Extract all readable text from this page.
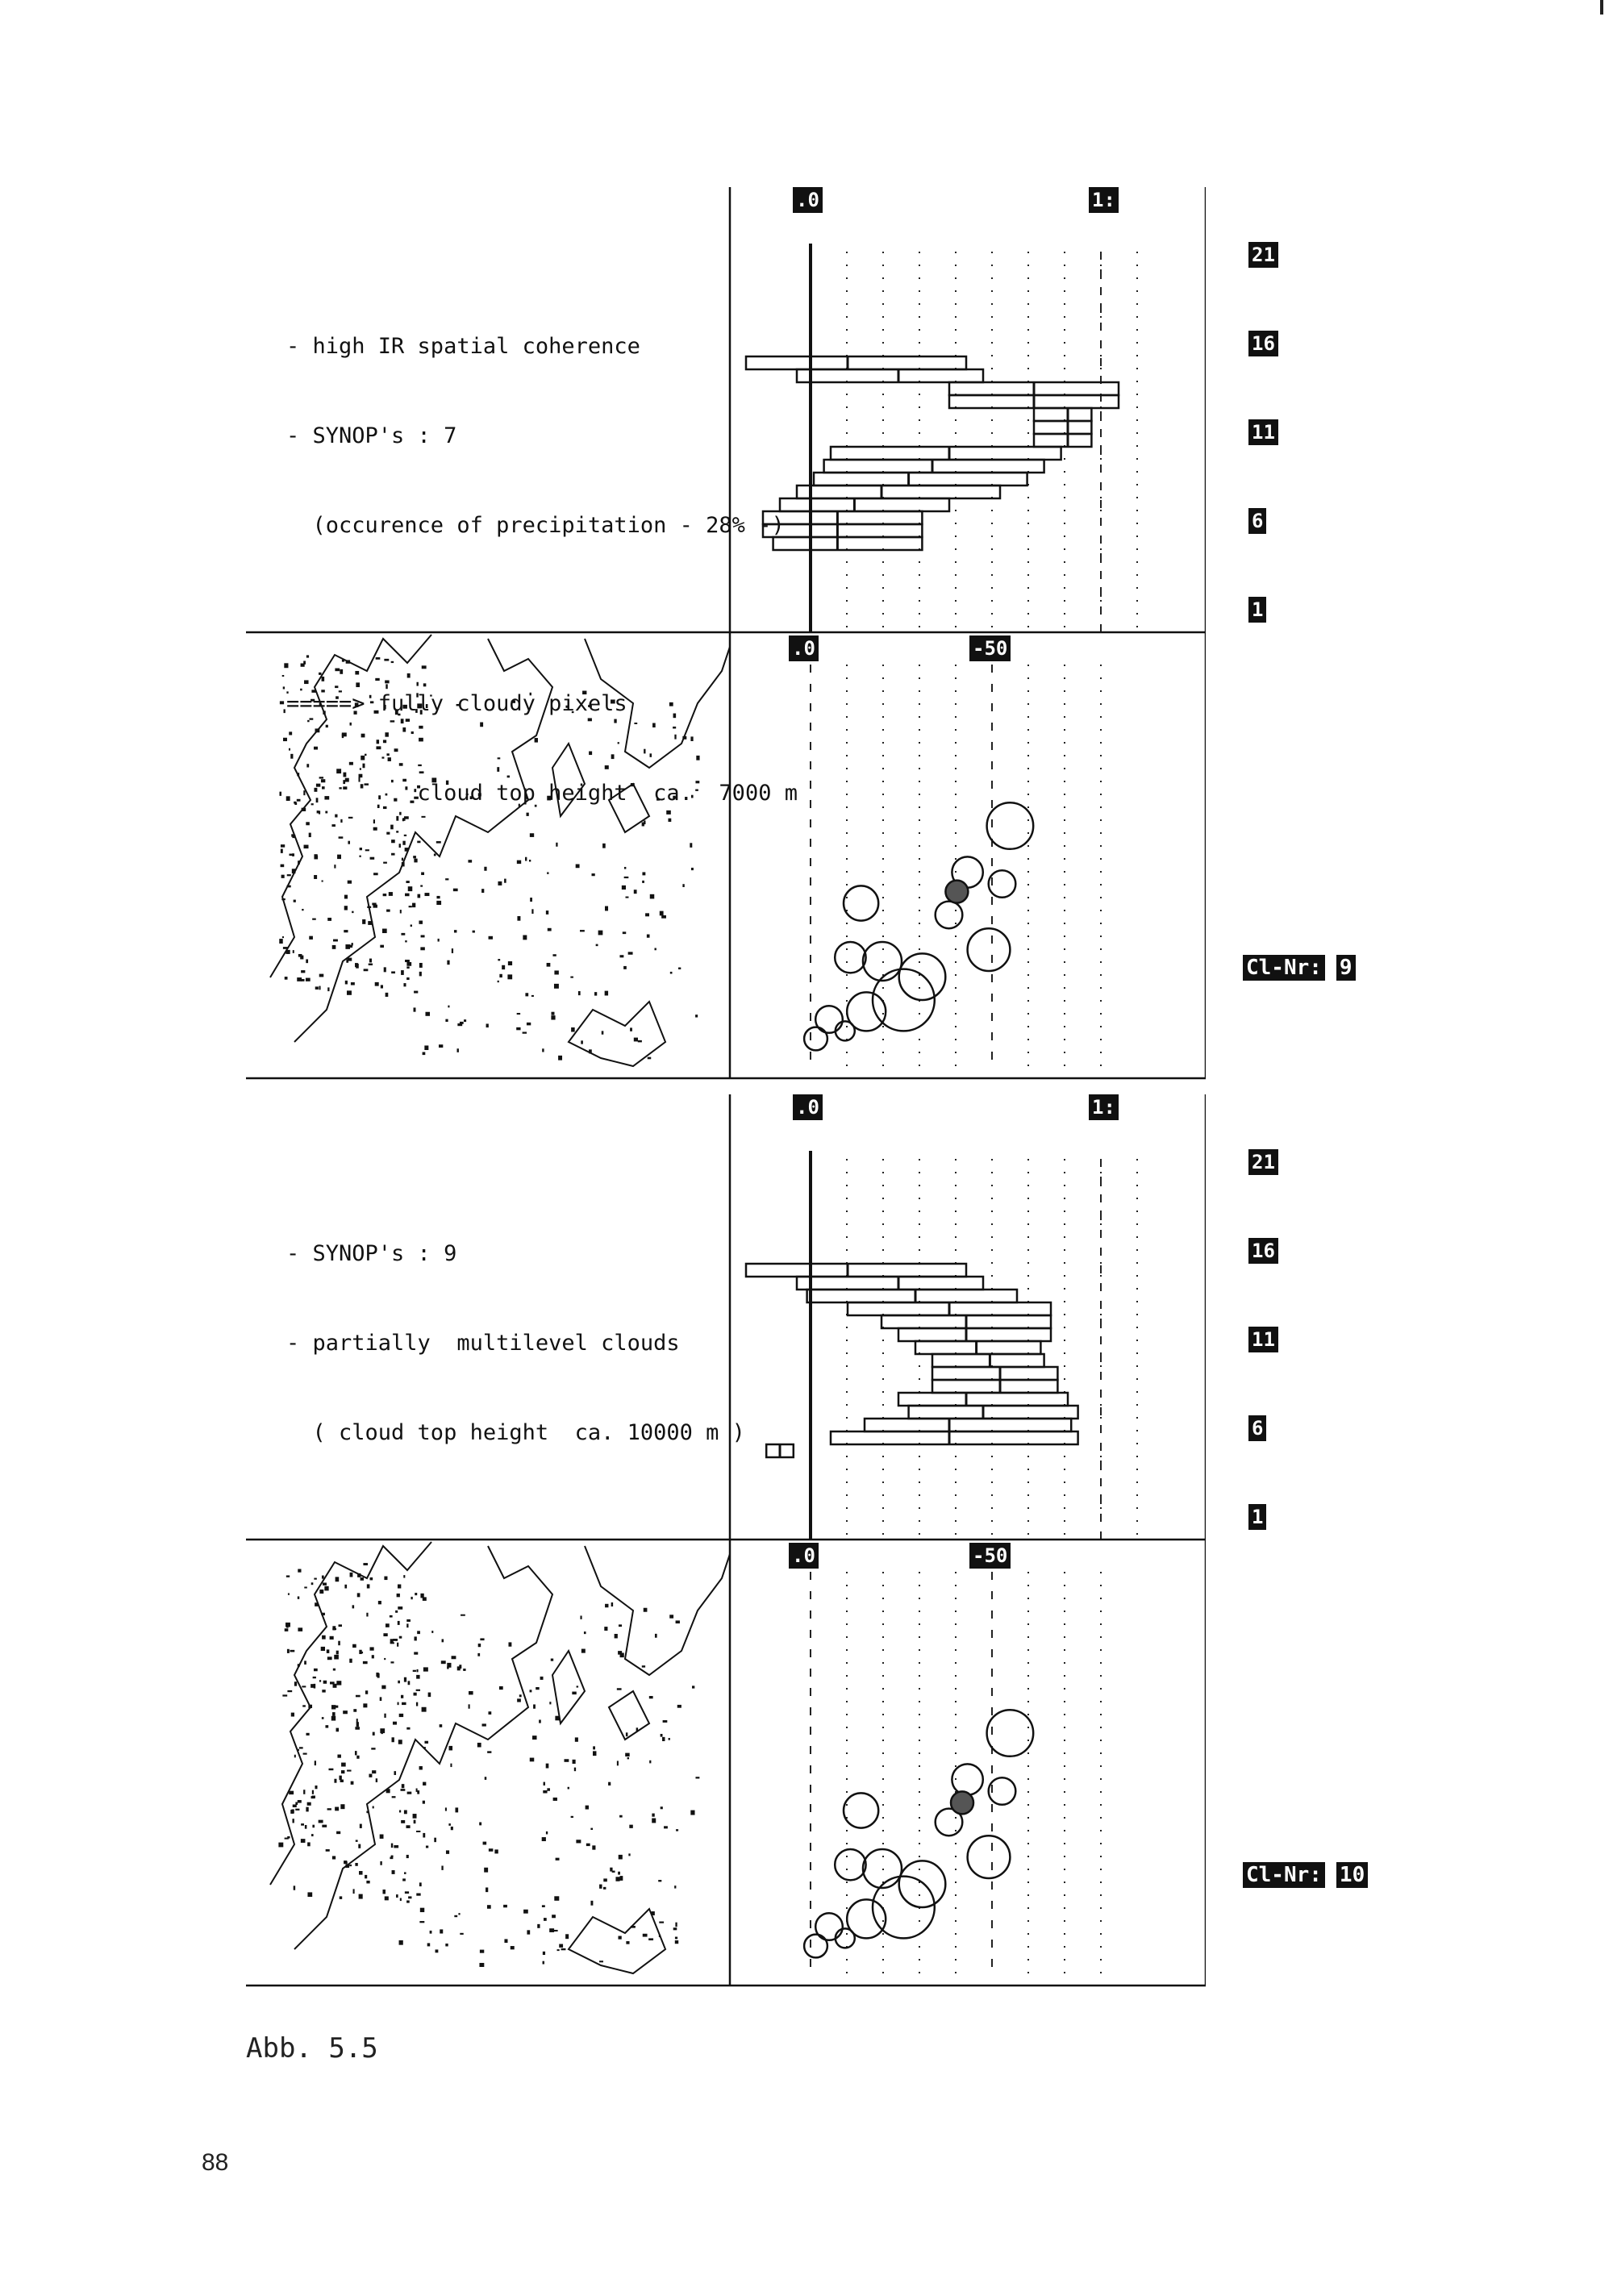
- high IR spatial coherence

- SYNOP's : 7

(occurence of precipitation - 28% -)

=====> fully cloudy pixels

cloud top height  ca.  7000 m

.0	1:
21
16
11
6
1
.0	-50
Cl-Nr: 9

- SYNOP's : 9

- partially  multilevel clouds

( cloud top height  ca. 10000 m )

.0	1:
21
16
11
6
1
.0	-50
Cl-Nr: 10
Abb. 5.5
88
